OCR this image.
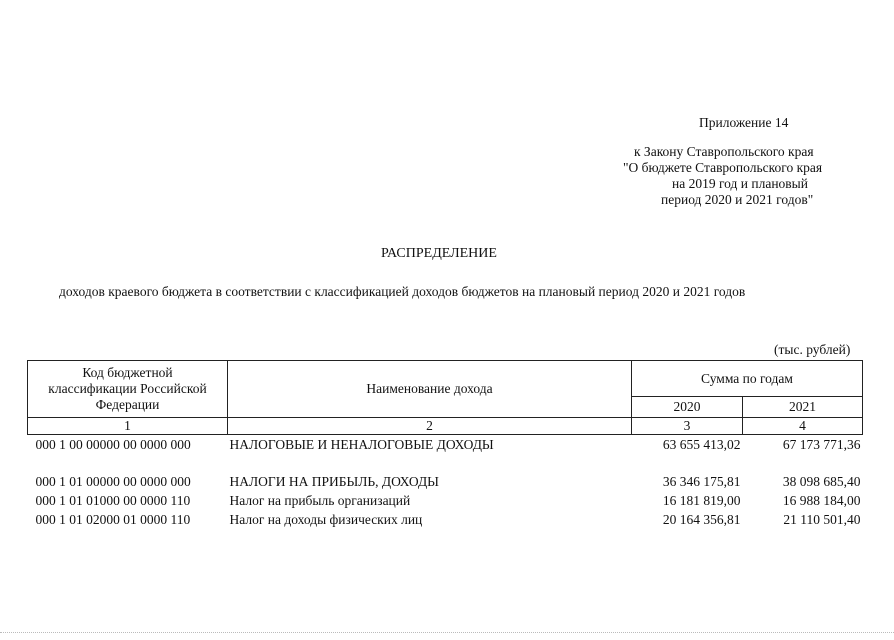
Приложение 14
к Закону Ставропольского края
"О бюджете Ставропольского края
на 2019 год и плановый
период 2020 и 2021 годов"
РАСПРЕДЕЛЕНИЕ
доходов краевого бюджета в соответствии с классификацией доходов бюджетов на плановый период 2020 и 2021 годов
(тыс. рублей)
Код бюджетной
классификации Российской
Федерации	Наименование дохода	Сумма по годам	
		2020	2021
1	2	3	4
000 1 00 00000 00 0000 000	НАЛОГОВЫЕ И НЕНАЛОГОВЫЕ ДОХОДЫ	63 655 413,02	67 173 771,36

000 1 01 00000 00 0000 000	НАЛОГИ НА ПРИБЫЛЬ, ДОХОДЫ	36 346 175,81	38 098 685,40
000 1 01 01000 00 0000 110	Налог на прибыль организаций	16 181 819,00	16 988 184,00
000 1 01 02000 01 0000 110	Налог на доходы физических лиц	20 164 356,81	21 110 501,40
